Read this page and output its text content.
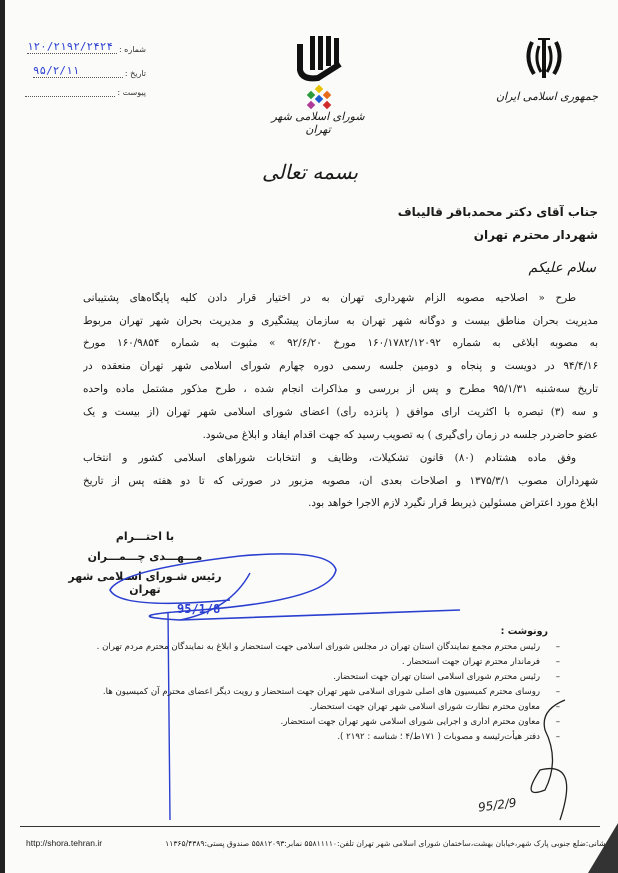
جمهوری اسلامی ایران
شورای اسلامی شهر تهران
شماره :
۱۲۰/۲۱۹۲/۲۴۲۴
تاریخ :
۹۵/۲/۱۱
پیوست :
بسمه تعالی
جناب آقای دکتر محمدباقر قالیباف
شهردار محترم تهران
سلام علیکم
طرح « اصلاحیه مصوبه الزام شهرداری تهران به در اختیار قرار دادن کلیه پایگاه‌های پشتیبانی
مدیریت بحران مناطق بیست و دوگانه شهر تهران به سازمان پیشگیری و مدیریت بحران شهر تهران مربوط
به مصوبه ابلاغی به شماره ۱۶۰/۱۷۸۲/۱۲۰۹۲ مورخ ۹۲/۶/۲۰ » مثبوت به شماره ۱۶۰/۹۸۵۴ مورخ
۹۴/۴/۱۶ در دویست و پنجاه و دومین جلسه رسمی دوره چهارم شورای اسلامی شهر تهران منعقده در
تاریخ سه‌شنبه ۹۵/۱/۳۱ مطرح و پس از بررسی و مذاکرات انجام شده ، طرح مذکور مشتمل ماده واحده
و سه (۳) تبصره با اکثریت آرای موافق ( پانزده رأی) اعضای شورای اسلامی شهر تهران (از بیست و یک
عضو حاضردر جلسه در زمان رأی‌گیری ) به تصویب رسید که جهت اقدام ایفاد و ابلاغ می‌شود.
وفق ماده هشتادم (۸۰) قانون تشکیلات، وظایف و انتخابات شوراهای اسلامی کشور و انتخاب
شهرداران مصوب ۱۳۷۵/۳/۱ و اصلاحات بعدی آن، مصوبه مزبور در صورتی که تا دو هفته پس از تاریخ
ابلاغ مورد اعتراض مسئولین ذیربط قرار نگیرد لازم الاجرا خواهد بود.
با احتـــرام
مـــهـــدی چـــمـــران
رئیس شـورای اسـلامی شهر تهران
95/1/8
رونوشت :
–
رئیس محترم مجمع نمایندگان استان تهران در مجلس شورای اسلامی جهت استحضار و ابلاغ به نمایندگان محترم مردم تهران .
–
فرماندار محترم تهران جهت استحضار .
–
رئیس محترم شورای اسلامی استان تهران جهت استحضار.
–
روسای محترم کمیسیون های اصلی شورای اسلامی شهر تهران جهت استحضار و رویت دیگر اعضای محترم آن کمیسیون ها.
–
معاون محترم نظارت شورای اسلامی شهر تهران جهت استحضار.
–
معاون محترم اداری و اجرایی شورای اسلامی شهر تهران جهت استحضار.
–
دفتر هیأت‌رئیسه و مصوبات ( ۱۷۱ط/۴ ؛ شناسه : ۲۱۹۲ ).
95/2/9
http://shora.tehran.ir	نشانی:ضلع جنوبی پارک شهر،خیابان بهشت،ساختمان شورای اسلامی شهر تهران تلفن:۵۵۸۱۱۱۱۰ نمابر:۵۵۸۱۲۰۹۳ صندوق پستی:۱۱۳۶۵/۴۳۸۹
